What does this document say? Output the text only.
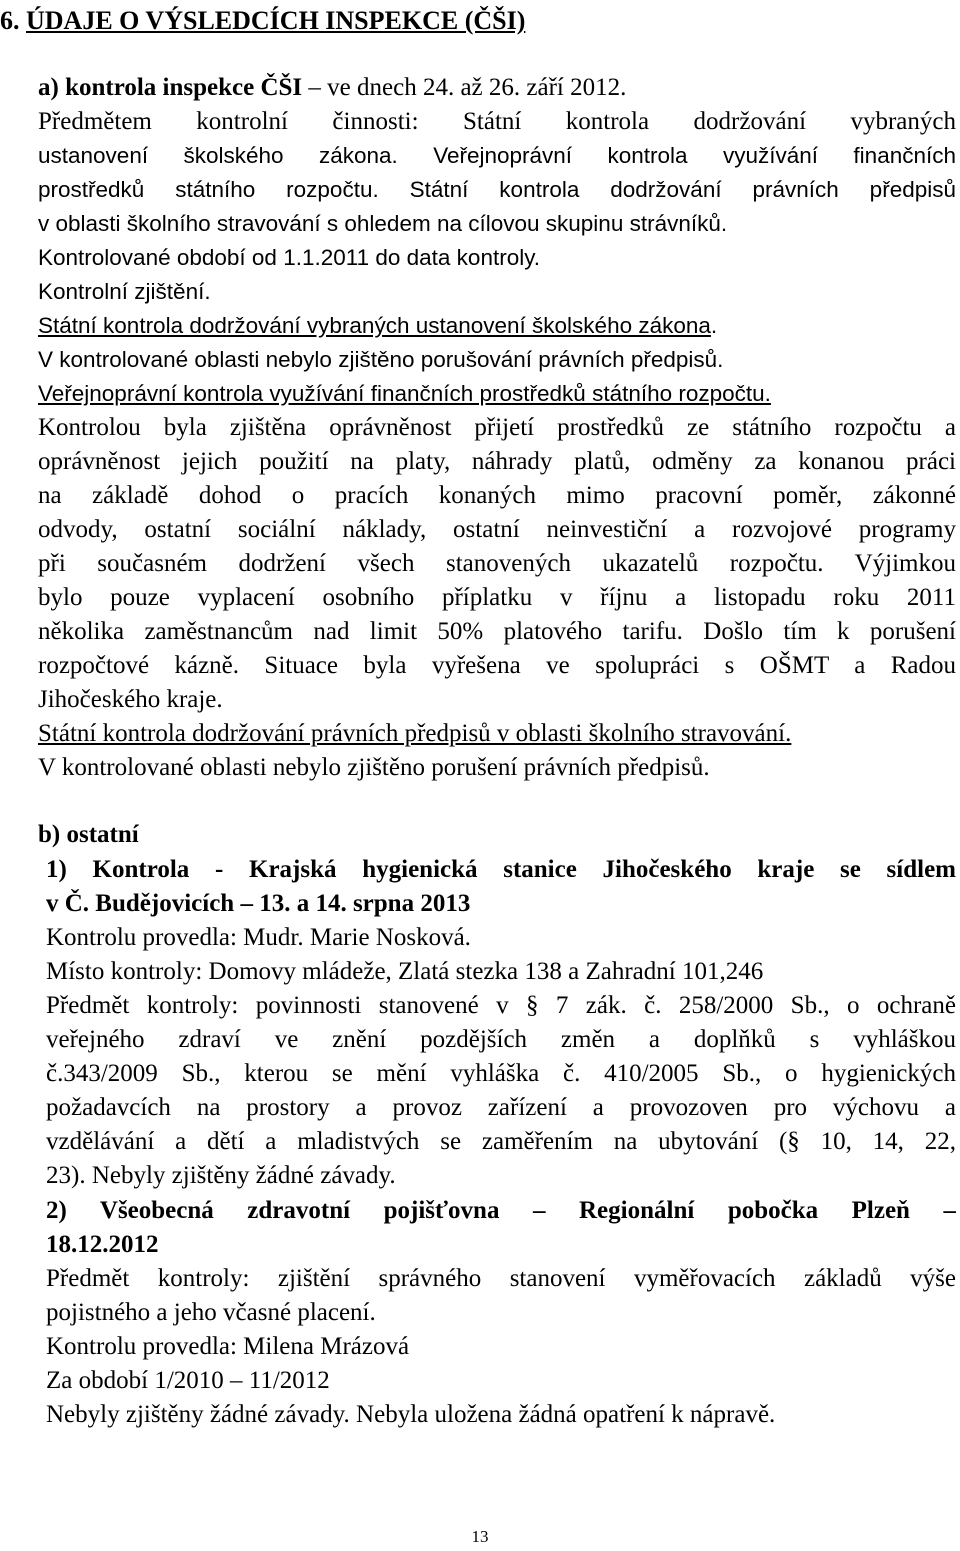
6. ÚDAJE O VÝSLEDCÍCH INSPEKCE (ČŠI)
a) kontrola inspekce ČŠI – ve dnech 24. až 26. září 2012.
Předmětem kontrolní činnosti: Státní kontrola dodržování vybraných
ustanovení školského zákona. Veřejnoprávní kontrola využívání finančních
prostředků státního rozpočtu. Státní kontrola dodržování právních předpisů
v oblasti školního stravování s ohledem na cílovou skupinu strávníků.
Kontrolované období od 1.1.2011 do data kontroly.
Kontrolní zjištění.
Státní kontrola dodržování vybraných ustanovení školského zákona.
V kontrolované oblasti nebylo zjištěno porušování právních předpisů.
Veřejnoprávní kontrola využívání finančních prostředků státního rozpočtu.
Kontrolou byla zjištěna oprávněnost přijetí prostředků ze státního rozpočtu a
oprávněnost jejich použití na platy, náhrady platů, odměny za konanou práci
na základě dohod o pracích konaných mimo pracovní poměr, zákonné
odvody, ostatní sociální náklady, ostatní neinvestiční a rozvojové programy
při současném dodržení všech stanovených ukazatelů rozpočtu. Výjimkou
bylo pouze vyplacení osobního příplatku v říjnu a listopadu roku 2011
několika zaměstnancům nad limit 50% platového tarifu. Došlo tím k porušení
rozpočtové kázně. Situace byla vyřešena ve spolupráci s OŠMT a Radou
Jihočeského kraje.
Státní kontrola dodržování právních předpisů v oblasti školního stravování.
V kontrolované oblasti nebylo zjištěno porušení právních předpisů.
b) ostatní
1) Kontrola - Krajská hygienická stanice Jihočeského kraje se sídlem
v Č. Budějovicích – 13. a 14. srpna 2013
Kontrolu provedla: Mudr. Marie Nosková.
Místo kontroly: Domovy mládeže, Zlatá stezka 138 a Zahradní 101,246
Předmět kontroly: povinnosti stanovené v § 7 zák. č. 258/2000 Sb., o ochraně
veřejného zdraví ve znění pozdějších změn a doplňků s vyhláškou
č.343/2009 Sb., kterou se mění vyhláška č. 410/2005 Sb., o hygienických
požadavcích na prostory a provoz zařízení a provozoven pro výchovu a
vzdělávání a dětí a mladistvých se zaměřením na ubytování (§ 10, 14, 22,
23). Nebyly zjištěny žádné závady.
2) Všeobecná zdravotní pojišťovna – Regionální pobočka Plzeň –
18.12.2012
Předmět kontroly: zjištění správného stanovení vyměřovacích základů výše
pojistného a jeho včasné placení.
Kontrolu provedla: Milena Mrázová
Za období 1/2010 – 11/2012
Nebyly zjištěny žádné závady. Nebyla uložena žádná opatření k nápravě.
13
